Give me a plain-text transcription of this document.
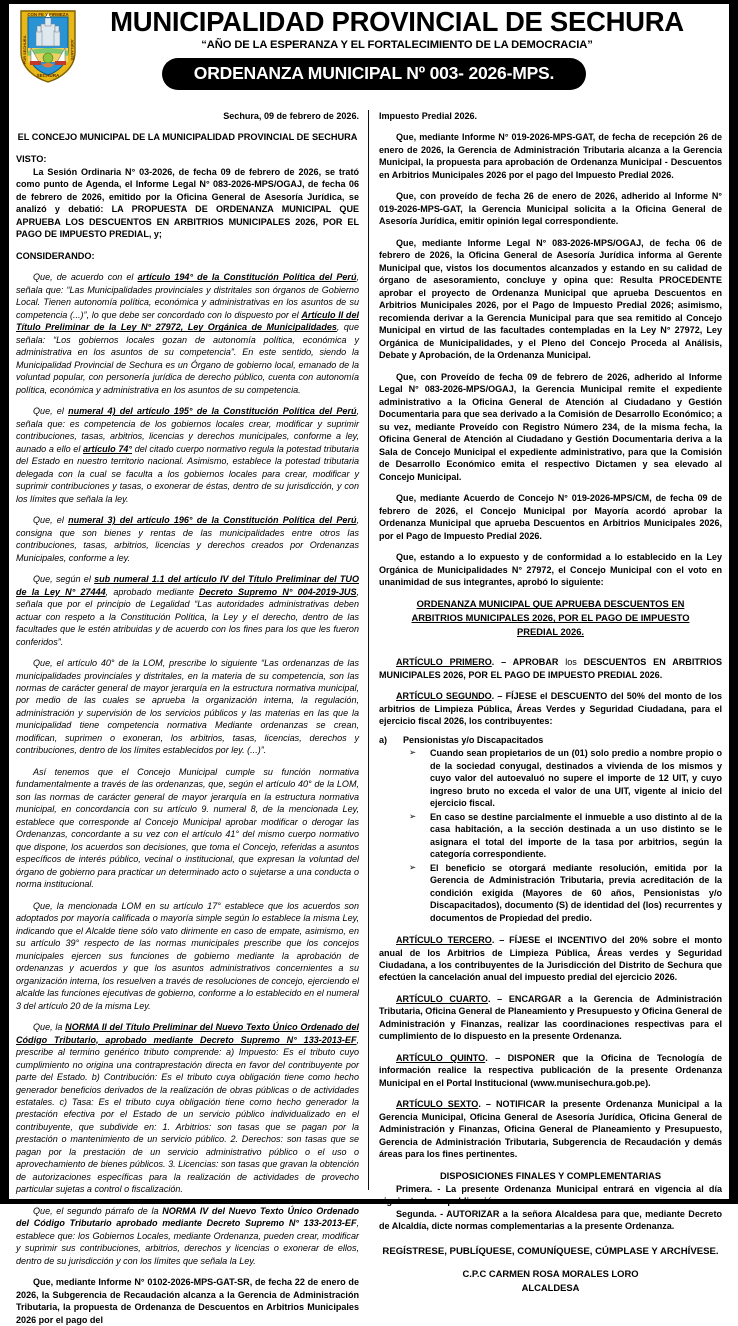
CON FE Y FIRMEZA
SECHURA
POR SECHURA	ADELANTE
MUNICIPALIDAD PROVINCIAL DE SECHURA
“AÑO DE LA ESPERANZA Y EL FORTALECIMIENTO DE LA DEMOCRACIA”
ORDENANZA MUNICIPAL Nº 003- 2026-MPS.

Sechura, 09 de febrero de 2026.

EL CONCEJO MUNICIPAL DE LA MUNICIPALIDAD PROVINCIAL DE SECHURA

VISTO:

La Sesión Ordinaria N° 03-2026, de fecha 09 de febrero de 2026, se trató como punto de Agenda, el Informe Legal N° 083-2026-MPS/OGAJ, de fecha 06 de febrero de 2026, emitido por la Oficina General de Asesoría Jurídica, se analizó y debatió: LA PROPUESTA DE ORDENANZA MUNICIPAL QUE APRUEBA LOS DESCUENTOS EN ARBITRIOS MUNICIPALES 2026, POR EL PAGO DE IMPUESTO PREDIAL, y;

CONSIDERANDO:

Que, de acuerdo con el artículo 194° de la Constitución Política del Perú, señala que: “Las Municipalidades provinciales y distritales son órganos de Gobierno Local. Tienen autonomía política, económica y administrativas en los asuntos de su competencia (...)”, lo que debe ser concordado con lo dispuesto por el Artículo II del Título Preliminar de la Ley N° 27972, Ley Orgánica de Municipalidades, que señala: “Los gobiernos locales gozan de autonomía política, económica y administrativa en los asuntos de su competencia”. En este sentido, siendo la Municipalidad Provincial de Sechura es un Órgano de gobierno local, emanado de la voluntad popular, con personería jurídica de derecho público, cuenta con autonomía política, económica y administrativa en los asuntos de su competencia.

Que, el numeral 4) del artículo 195° de la Constitución Política del Perú, señala que: es competencia de los gobiernos locales crear, modificar y suprimir contribuciones, tasas, arbitrios, licencias y derechos municipales, conforme a ley, aunado a ello el artículo 74° del citado cuerpo normativo regula la potestad tributaria del Estado en nuestro territorio nacional. Asimismo, establece la potestad tributaria delegada con la cual se faculta a los gobiernos locales para crear, modificar y suprimir contribuciones y tasas, o exonerar de éstas, dentro de su jurisdicción, y con los límites que señala la ley.

Que, el numeral 3) del artículo 196° de la Constitución Política del Perú, consigna que son bienes y rentas de las municipalidades entre otros las contribuciones, tasas, arbitrios, licencias y derechos creados por Ordenanzas Municipales, conforme a ley.

Que, según el sub numeral 1.1 del artículo IV del Título Preliminar del TUO de la Ley N° 27444, aprobado mediante Decreto Supremo N° 004-2019-JUS, señala que por el principio de Legalidad “Las autoridades administrativas deben actuar con respeto a la Constitución Política, la Ley y el derecho, dentro de las facultades que le estén atribuidas y de acuerdo con los fines para los que les fueron conferidos”.

Que, el artículo 40° de la LOM, prescribe lo siguiente “Las ordenanzas de las municipalidades provinciales y distritales, en la materia de su competencia, son las normas de carácter general de mayor jerarquía en la estructura normativa municipal, por medio de las cuales se aprueba la organización interna, la regulación, administración y supervisión de los servicios públicos y las materias en las que la municipalidad tiene competencia normativa Mediante ordenanzas se crean, modifican, suprimen o exoneran, los arbitrios, tasas, licencias, derechos y contribuciones, dentro de los límites establecidos por ley. (...)”.

Así tenemos que el Concejo Municipal cumple su función normativa fundamentalmente a través de las ordenanzas, que, según el artículo 40° de la LOM, son las normas de carácter general de mayor jerarquía en la estructura normativa municipal, en concordancia con su artículo 9. numeral 8, de la mencionada Ley, establece que corresponde al Concejo Municipal aprobar modificar o derogar las Ordenanzas, concordante a su vez con el artículo 41° del mismo cuerpo normativo que dispone, los acuerdos son decisiones, que toma el Concejo, referidas a asuntos específicos de interés público, vecinal o institucional, que expresan la voluntad del órgano de gobierno para practicar un determinado acto o sujetarse a una conducta o norma institucional.

Que, la mencionada LOM en su artículo 17° establece que los acuerdos son adoptados por mayoría calificada o mayoría simple según lo establece la misma Ley, indicando que el Alcalde tiene sólo vato dirimente en caso de empate, asimismo, en su artículo 39° respecto de las normas municipales prescribe que los concejos municipales ejercen sus funciones de gobierno mediante la aprobación de ordenanzas y acuerdos y que los asuntos administrativos concernientes a su organización interna, los resuelven a través de resoluciones de concejo, ejerciendo el alcalde las funciones ejecutivas de gobierno, conforme a lo establecido en el numeral 3 del artículo 20 de la misma Ley.

Que, la NORMA II del Título Preliminar del Nuevo Texto Único Ordenado del Código Tributario, aprobado mediante Decreto Supremo N° 133-2013-EF, prescribe al termino genérico tributo comprende: a) Impuesto: Es el tributo cuyo cumplimiento no origina una contraprestación directa en favor del contribuyente por parte del Estado. b) Contribución: Es el tributo cuya obligación tiene como hecho generador beneficios derivados de la realización de obras públicas o de actividades estatales. c) Tasa: Es el tributo cuya obligación tiene como hecho generador la prestación efectiva por el Estado de un servicio público individualizado en el contribuyente, que subdivide en: 1. Arbitrios: son tasas que se pagan por la prestación o mantenimiento de un servicio público. 2. Derechos: son tasas que se pagan por la prestación de un servicio administrativo público o el uso o aprovechamiento de bienes públicos. 3. Licencias: son tasas que gravan la obtención de autorizaciones específicas para la realización de actividades de provecho particular sujetas a control o fiscalización.

Que, el segundo párrafo de la NORMA IV del Nuevo Texto Único Ordenado del Código Tributario aprobado mediante Decreto Supremo N° 133-2013-EF, establece que: los Gobiernos Locales, mediante Ordenanza, pueden crear, modificar y suprimir sus contribuciones, arbitrios, derechos y licencias o exonerar de ellos, dentro de su jurisdicción y con los límites que señala la Ley.

Que, mediante Informe N° 0102-2026-MPS-GAT-SR, de fecha 22 de enero de 2026, la Subgerencia de Recaudación alcanza a la Gerencia de Administración Tributaria, la propuesta de Ordenanza de Descuentos en Arbitrios Municipales 2026 por el pago del

Impuesto Predial 2026.

Que, mediante Informe N° 019-2026-MPS-GAT, de fecha de recepción 26 de enero de 2026, la Gerencia de Administración Tributaria alcanza a la Gerencia Municipal, la propuesta para aprobación de Ordenanza Municipal - Descuentos en Arbitrios Municipales 2026 por el pago del Impuesto Predial 2026.

Que, con proveído de fecha 26 de enero de 2026, adherido al Informe N° 019-2026-MPS-GAT, la Gerencia Municipal solicita a la Oficina General de Asesoría Jurídica, emitir opinión legal correspondiente.

Que, mediante Informe Legal N° 083-2026-MPS/OGAJ, de fecha 06 de febrero de 2026, la Oficina General de Asesoría Jurídica informa al Gerente Municipal que, vistos los documentos alcanzados y estando en su calidad de órgano de asesoramiento, concluye y opina que: Resulta PROCEDENTE aprobar el proyecto de Ordenanza Municipal que aprueba Descuentos en Arbitrios Municipales 2026, por el Pago de Impuesto Predial 2026; asimismo, recomienda derivar a la Gerencia Municipal para que sea remitido al Concejo Municipal en virtud de las facultades contempladas en la Ley N° 27972, Ley Orgánica de Municipalidades, y el Pleno del Concejo Proceda al Análisis, Debate y Aprobación, de la Ordenanza Municipal.

Que, con Proveído de fecha 09 de febrero de 2026, adherido al Informe Legal N° 083-2026-MPS/OGAJ, la Gerencia Municipal remite el expediente administrativo a la Oficina General de Atención al Ciudadano y Gestión Documentaria para que sea derivado a la Comisión de Desarrollo Económico; a su vez, mediante Proveído con Registro Número 234, de la misma fecha, la Oficina General de Atención al Ciudadano y Gestión Documentaria deriva a la Sala de Concejo Municipal el expediente administrativo, para que la Comisión de Desarrollo Económico emita el respectivo Dictamen y sea elevado al Concejo Municipal.

Que, mediante Acuerdo de Concejo N° 019-2026-MPS/CM, de fecha 09 de febrero de 2026, el Concejo Municipal por Mayoría acordó aprobar la Ordenanza Municipal que aprueba Descuentos en Arbitrios Municipales 2026, por el Pago de Impuesto Predial 2026.

Que, estando a lo expuesto y de conformidad a lo establecido en la Ley Orgánica de Municipalidades N° 27972, el Concejo Municipal con el voto en unanimidad de sus integrantes, aprobó lo siguiente:

ORDENANZA MUNICIPAL QUE APRUEBA DESCUENTOS EN ARBITRIOS MUNICIPALES 2026, POR EL PAGO DE IMPUESTO PREDIAL 2026.

ARTÍCULO PRIMERO. – APROBAR los DESCUENTOS EN ARBITRIOS MUNICIPALES 2026, POR EL PAGO DE IMPUESTO PREDIAL 2026.

ARTÍCULO SEGUNDO. – FÍJESE el DESCUENTO del 50% del monto de los arbitrios de Limpieza Pública, Áreas Verdes y Seguridad Ciudadana, para el ejercicio fiscal 2026, los contribuyentes:

a)	Pensionistas y/o Discapacitados
➢	Cuando sean propietarios de un (01) solo predio a nombre propio o de la sociedad conyugal, destinados a vivienda de los mismos y cuyo valor del autoevaluó no supere el importe de 12 UIT, y cuyo ingreso bruto no exceda el valor de una UIT, vigente al inicio del ejercicio fiscal.
➢	En caso se destine parcialmente el inmueble a uso distinto al de la casa habitación, a la sección destinada a un uso distinto se le asignara el total del importe de la tasa por arbitrios, según la categoría correspondiente.
➢	El beneficio se otorgará mediante resolución, emitida por la Gerencia de Administración Tributaria, previa acreditación de la condición exigida (Mayores de 60 años, Pensionistas y/o Discapacitados), documento (S) de identidad del (los) recurrentes y documentos de Propiedad del predio.

ARTÍCULO TERCERO. – FÍJESE el INCENTIVO del 20% sobre el monto anual de los Arbitrios de Limpieza Pública, Áreas verdes y Seguridad Ciudadana, a los contribuyentes de la Jurisdicción del Distrito de Sechura que efectúen la cancelación anual del impuesto predial del ejercicio 2026.

ARTÍCULO CUARTO. – ENCARGAR a la Gerencia de Administración Tributaria, Oficina General de Planeamiento y Presupuesto y Oficina General de Administración y Finanzas, realizar las coordinaciones respectivas para el cumplimiento de lo dispuesto en la presente Ordenanza.

ARTÍCULO QUINTO. – DISPONER que la Oficina de Tecnología de información realice la respectiva publicación de la presente Ordenanza Municipal en el Portal Institucional (www.munisechura.gob.pe).

ARTÍCULO SEXTO. – NOTIFICAR la presente Ordenanza Municipal a la Gerencia Municipal, Oficina General de Asesoría Jurídica, Oficina General de Administración y Finanzas, Oficina General de Planeamiento y Presupuesto, Gerencia de Administración Tributaria, Subgerencia de Recaudación y demás áreas para los fines pertinentes.

DISPOSICIONES FINALES Y COMPLEMENTARIAS

Primera. - La presente Ordenanza Municipal entrará en vigencia al día siguiente de su publicación.

Segunda. - AUTORIZAR a la señora Alcaldesa para que, mediante Decreto de Alcaldía, dicte normas complementarias a la presente Ordenanza.

REGÍSTRESE, PUBLÍQUESE, COMUNÍQUESE, CÚMPLASE Y ARCHÍVESE.

C.P.C CARMEN ROSA MORALES LORO

ALCALDESA
